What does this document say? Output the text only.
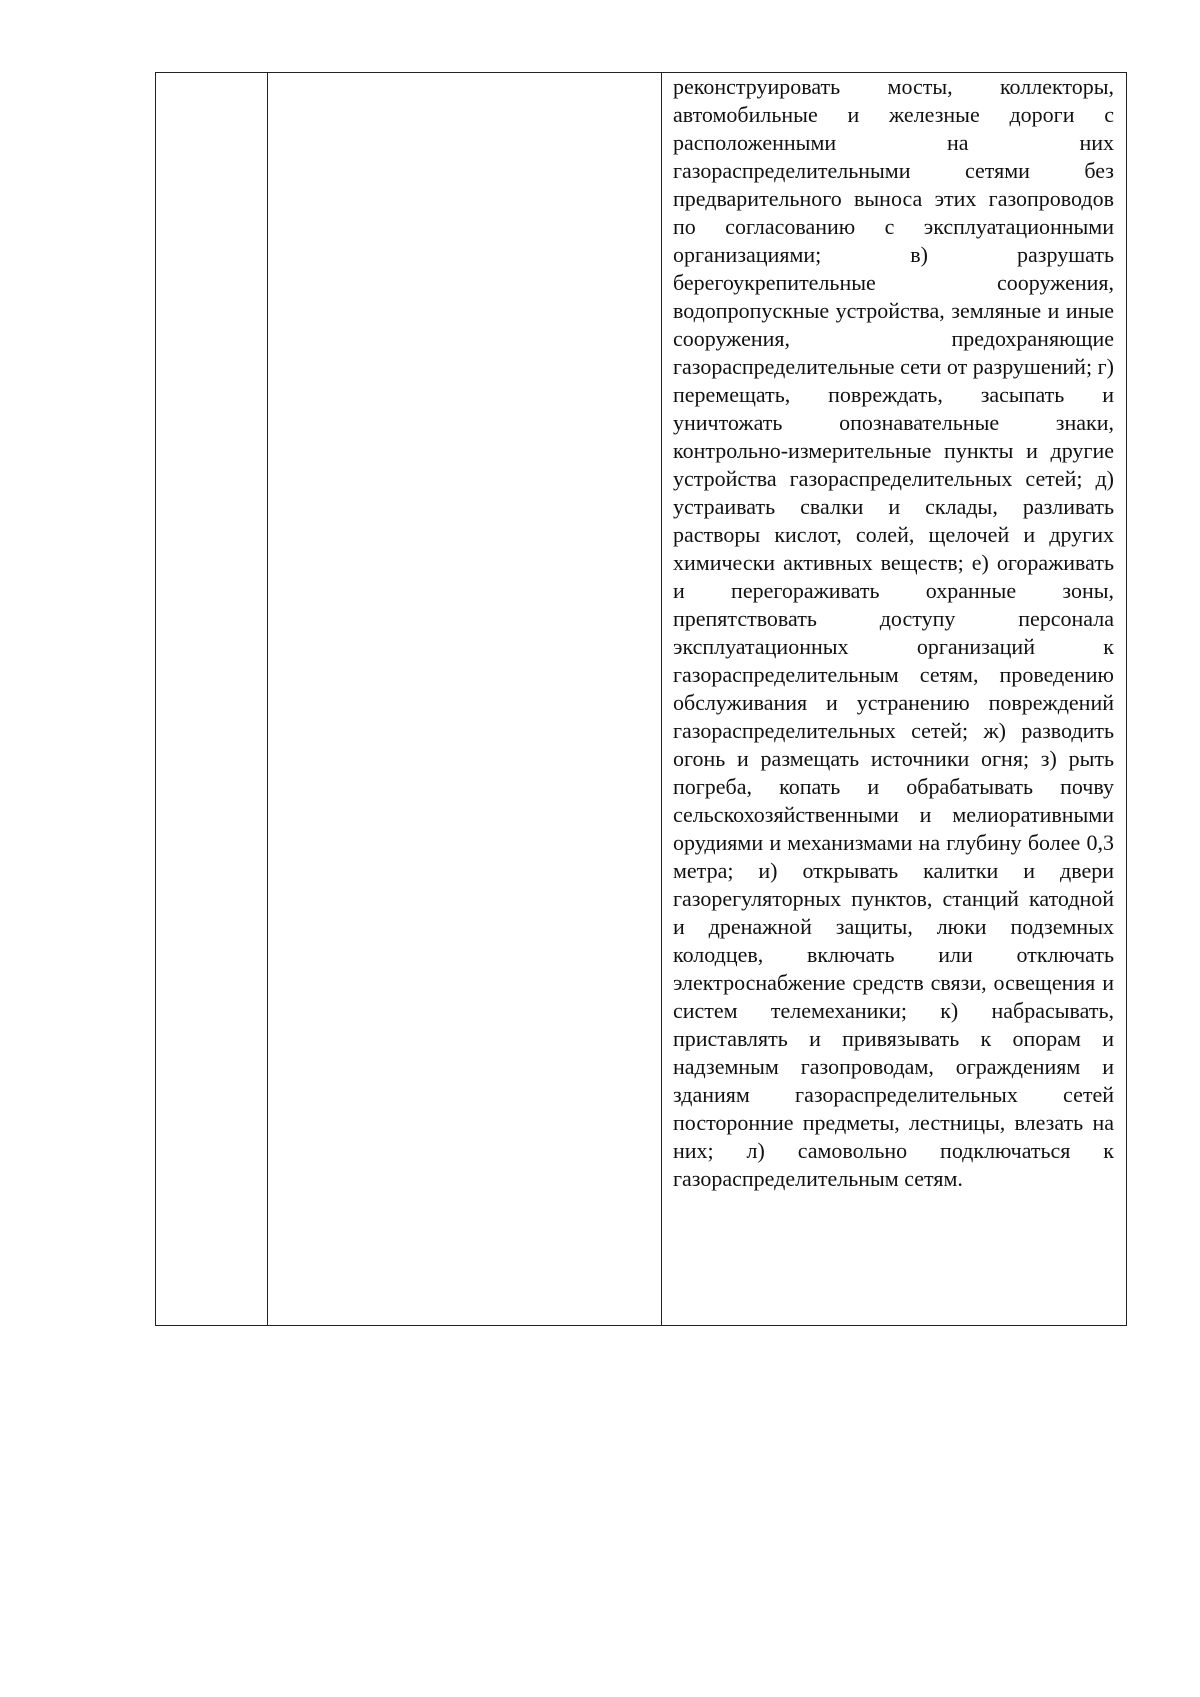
реконструировать мосты, коллекторы, автомобильные и железные дороги с расположенными на них газораспределительными сетями без предварительного выноса этих газопроводов по согласованию с эксплуатационными организациями; в) разрушать берегоукрепительные сооружения, водопропускные устройства, земляные и иные сооружения, предохраняющие газораспределительные сети от разрушений; г) перемещать, повреждать, засыпать и уничтожать опознавательные знаки, контрольно-измерительные пункты и другие устройства газораспределительных сетей; д) устраивать свалки и склады, разливать растворы кислот, солей, щелочей и других химически активных веществ; е) огораживать и перегораживать охранные зоны, препятствовать доступу персонала эксплуатационных организаций к газораспределительным сетям, проведению обслуживания и устранению повреждений газораспределительных сетей; ж) разводить огонь и размещать источники огня; з) рыть погреба, копать и обрабатывать почву сельскохозяйственными и мелиоративными орудиями и механизмами на глубину более 0,3 метра; и) открывать калитки и двери газорегуляторных пунктов, станций катодной и дренажной защиты, люки подземных колодцев, включать или отключать электроснабжение средств связи, освещения и систем телемеханики; к) набрасывать, приставлять и привязывать к опорам и надземным газопроводам, ограждениям и зданиям газораспределительных сетей посторонние предметы, лестницы, влезать на них; л) самовольно подключаться к газораспределительным сетям.
